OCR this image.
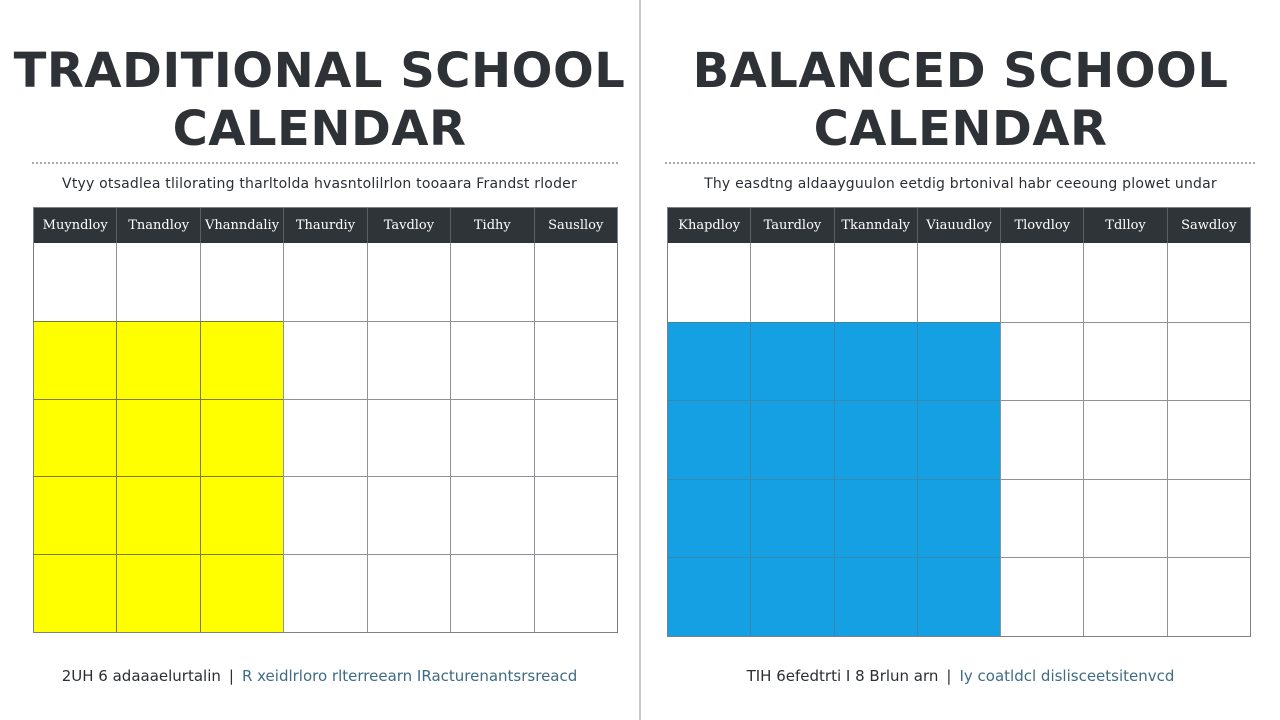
TRADITIONAL SCHOOL
CALENDAR
Vtyy otsadlea tlilorating tharltolda hvasntolilrlon tooaara Frandst rloder
Muyndloy	Tnandloy	Vhanndaliy	Thaurdiy	Tavdloy	Tidhy	Sauslloy
2UH 6 adaaaelurtalin | R xeidlrloro rlterreearn IRacturenantsrsreacd
BALANCED SCHOOL
CALENDAR
Thy easdtng aldaayguulon eetdig brtonival habr ceeoung plowet undar
Khapdloy	Taurdloy	Tkanndaly	Viauudloy	Tlovdloy	Tdlloy	Sawdloy
TIH 6efedtrti I 8 Brlun arn | Iy coatldcl dislisceetsitenvcd
